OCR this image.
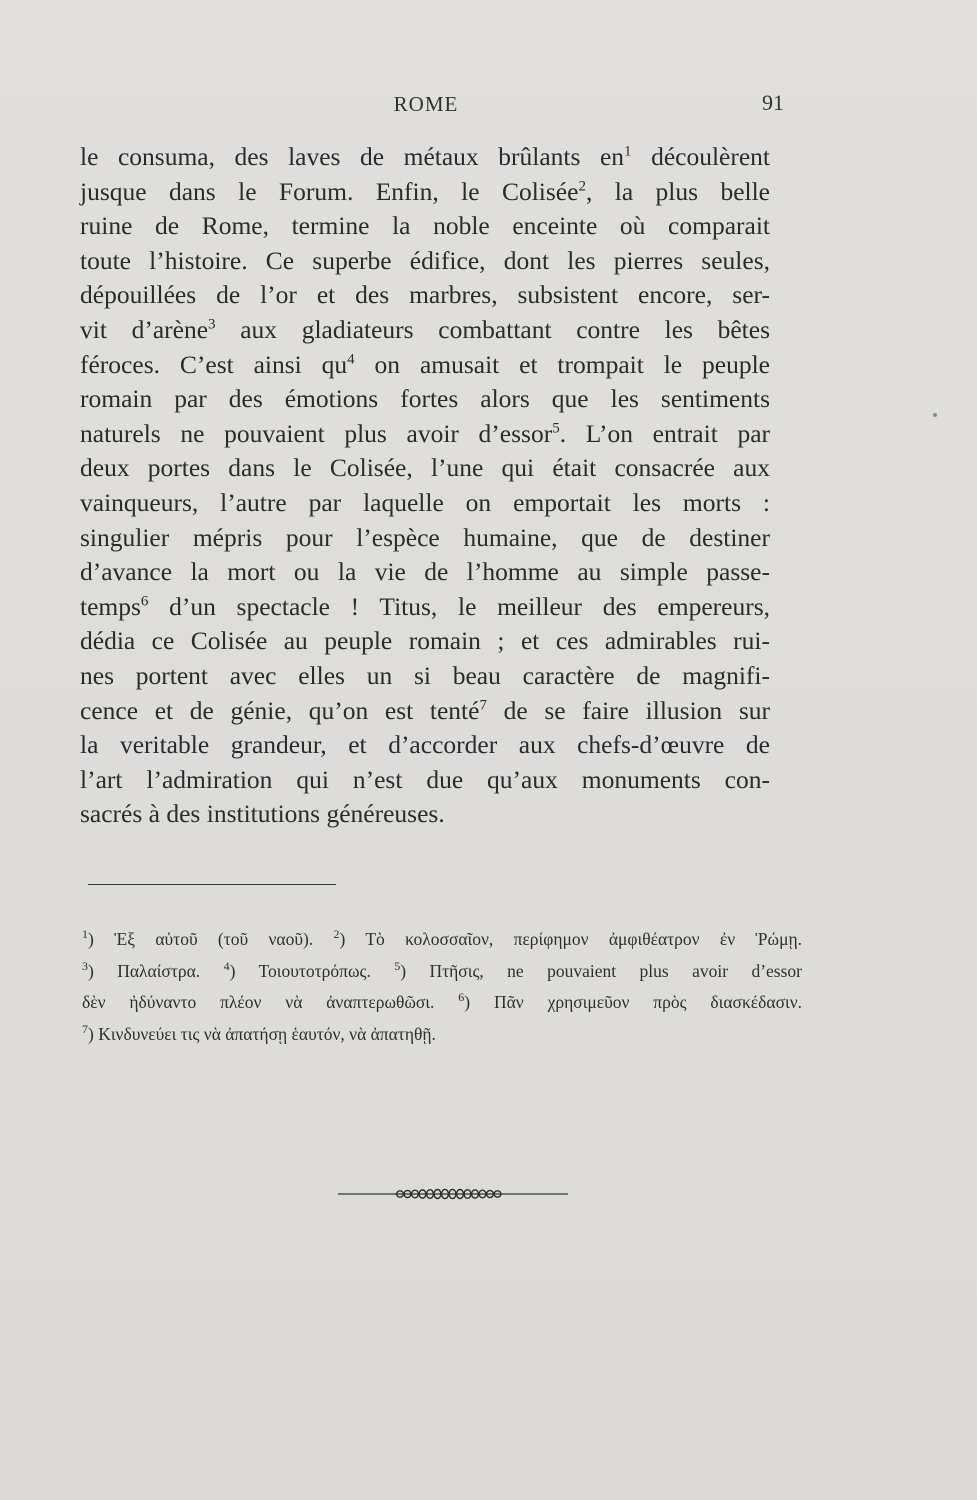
ROME	91
le consuma, des laves de métaux brûlants en$^1$ découlèrent
jusque dans le Forum. Enfin, le Colisée$^2$, la plus belle
ruine de Rome, termine la noble enceinte où comparait
toute l’histoire. Ce superbe édifice, dont les pierres seules,
dépouillées de l’or et des marbres, subsistent encore, ser-
vit d’arène$^3$ aux gladiateurs combattant contre les bêtes
féroces. C’est ainsi qu$^4$ on amusait et trompait le peuple
romain par des émotions fortes alors que les sentiments
naturels ne pouvaient plus avoir d’essor$^5$. L’on entrait par
deux portes dans le Colisée, l’une qui était consacrée aux
vainqueurs, l’autre par laquelle on emportait les morts :
singulier mépris pour l’espèce humaine, que de destiner
d’avance la mort ou la vie de l’homme au simple passe-
temps$^6$ d’un spectacle ! Titus, le meilleur des empereurs,
dédia ce Colisée au peuple romain ; et ces admirables rui-
nes portent avec elles un si beau caractère de magnifi-
cence et de génie, qu’on est tenté$^7$ de se faire illusion sur
la veritable grandeur, et d’accorder aux chefs-d’œuvre de
l’art l’admiration qui n’est due qu’aux monuments con-
sacrés à des institutions généreuses.
$^1$) Ἐξ αὐτοῦ (τοῦ ναοῦ). $^2$) Τὸ κολοσσαῖον, περίφημον ἀμφιθέατρον ἐν Ῥώμῃ.
$^3$) Παλαίστρα. $^4$) Τοιουτοτρόπως. $^5$) Πτῆσις, ne pouvaient plus avoir d’essor
δὲν ἠδύναντο πλέον νὰ ἀναπτερωθῶσι. $^6$) Πᾶν χρησιμεῦον πρὸς διασκέδασιν.
$^7$) Κινδυνεύει τις νὰ ἀπατήσῃ ἑαυτόν, νὰ ἀπατηθῇ.
